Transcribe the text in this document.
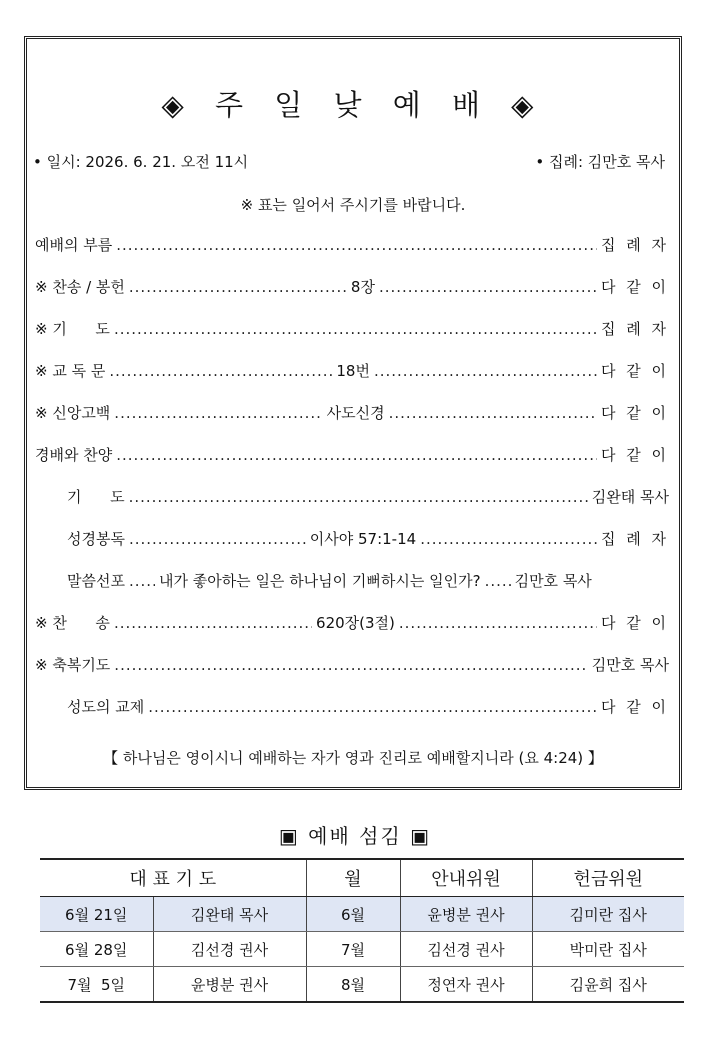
◈ 주 일 낮 예 배 ◈
• 일시: 2026. 6. 21. 오전 11시	• 집례: 김만호 목사
※ 표는 일어서 주시기를 바랍니다.
예배의 부름 .....	집 례 자
※ 찬송 / 봉헌 .....	8장 .....	다 같 이
※ 기      도 .....	집 례 자
※ 교 독 문 .....	18번 .....	다 같 이
※ 신앙고백 .....	사도신경 .....	다 같 이
경배와 찬양 .....	다 같 이
기      도 .....	김완태 목사
성경봉독 .....	이사야 57:1-14 .....	집 례 자
말씀선포 ..... 내가 좋아하는 일은 하나님이 기뻐하시는 일인가? ..... 김만호 목사
※ 찬      송 .....	620장(3절) .....	다 같 이
※ 축복기도 .....	김만호 목사
성도의 교제 .....	다 같 이
【 하나님은 영이시니 예배하는 자가 영과 진리로 예배할지니라 (요 4:24) 】
▣ 예배 섬김 ▣
대 표 기 도		월	안내위원	헌금위원
6월 21일	김완태 목사	6월	윤병분 권사	김미란 집사
6월 28일	김선경 권사	7월	김선경 권사	박미란 집사
7월  5일	윤병분 권사	8월	정연자 권사	김윤희 집사
